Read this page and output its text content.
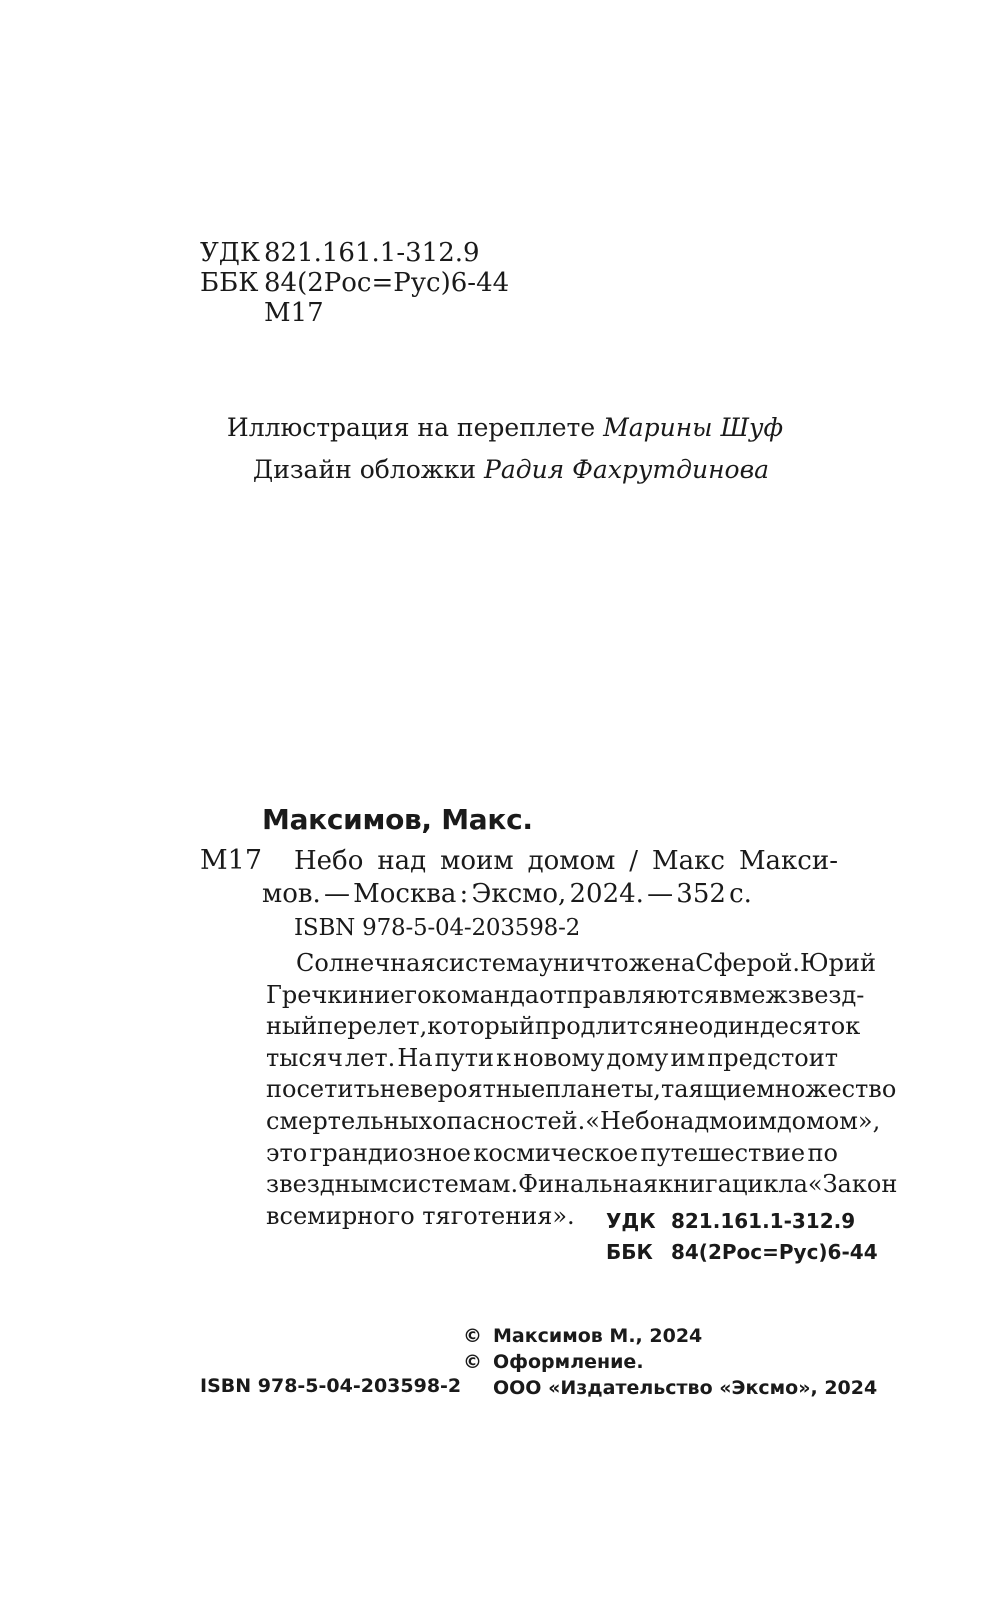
УДК 821.161.1-312.9
ББК 84(2Рос=Рус)6-44
М17
Иллюстрация на переплете Марины Шуф
Дизайн обложки Радия Фахрутдинова
Максимов, Макс.
М17 Небо над моим домом / Макс Макси-
мов. — Москва : Эксмо, 2024. — 352 с.
ISBN 978-5-04-203598-2
Солнечная система уничтожена Сферой. Юрий
Гречкин и его команда отправляются в межзвезд-
ный перелет, который продлится не один десяток
тысяч лет. На пути к новому дому им предстоит
посетить невероятные планеты, таящие множество
смертельных опасностей. «Небо над моим домом»,
это грандиозное космическое путешествие по
звездным системам. Финальная книга цикла «Закон
всемирного тяготения». УДК 821.161.1-312.9
ББК 84(2Рос=Рус)6-44
© Максимов М., 2024
© Оформление.
ООО «Издательство «Эксмо», 2024
ISBN 978-5-04-203598-2
